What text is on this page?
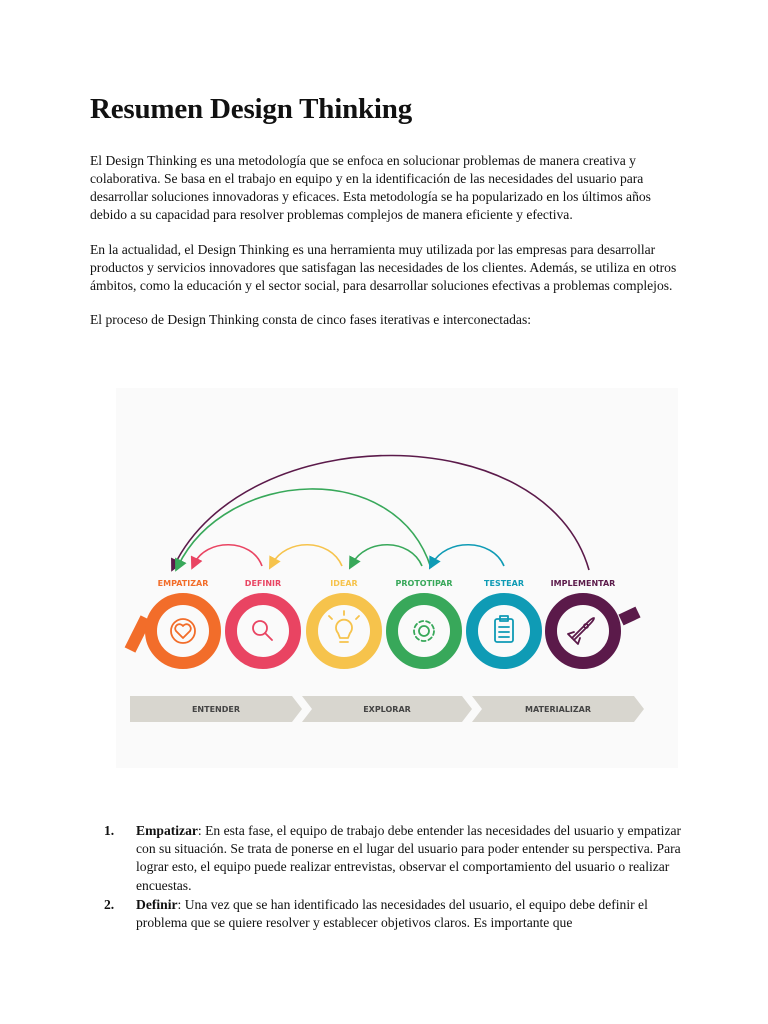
Resumen Design Thinking

El Design Thinking es una metodología que se enfoca en solucionar problemas de manera creativa y colaborativa. Se basa en el trabajo en equipo y en la identificación de las necesidades del usuario para desarrollar soluciones innovadoras y eficaces. Esta metodología se ha popularizado en los últimos años debido a su capacidad para resolver problemas complejos de manera eficiente y efectiva.

En la actualidad, el Design Thinking es una herramienta muy utilizada por las empresas para desarrollar productos y servicios innovadores que satisfagan las necesidades de los clientes. Además, se utiliza en otros ámbitos, como la educación y el sector social, para desarrollar soluciones efectivas a problemas complejos.

El proceso de Design Thinking consta de cinco fases iterativas e interconectadas:

EMPATIZAR	DEFINIR	IDEAR	PROTOTIPAR	TESTEAR	IMPLEMENTAR
ENTENDER	EXPLORAR	MATERIALIZAR
1. Empatizar: En esta fase, el equipo de trabajo debe entender las necesidades del usuario y empatizar con su situación. Se trata de ponerse en el lugar del usuario para poder entender su perspectiva. Para lograr esto, el equipo puede realizar entrevistas, observar el comportamiento del usuario o realizar encuestas.
2. Definir: Una vez que se han identificado las necesidades del usuario, el equipo debe definir el problema que se quiere resolver y establecer objetivos claros. Es importante que
